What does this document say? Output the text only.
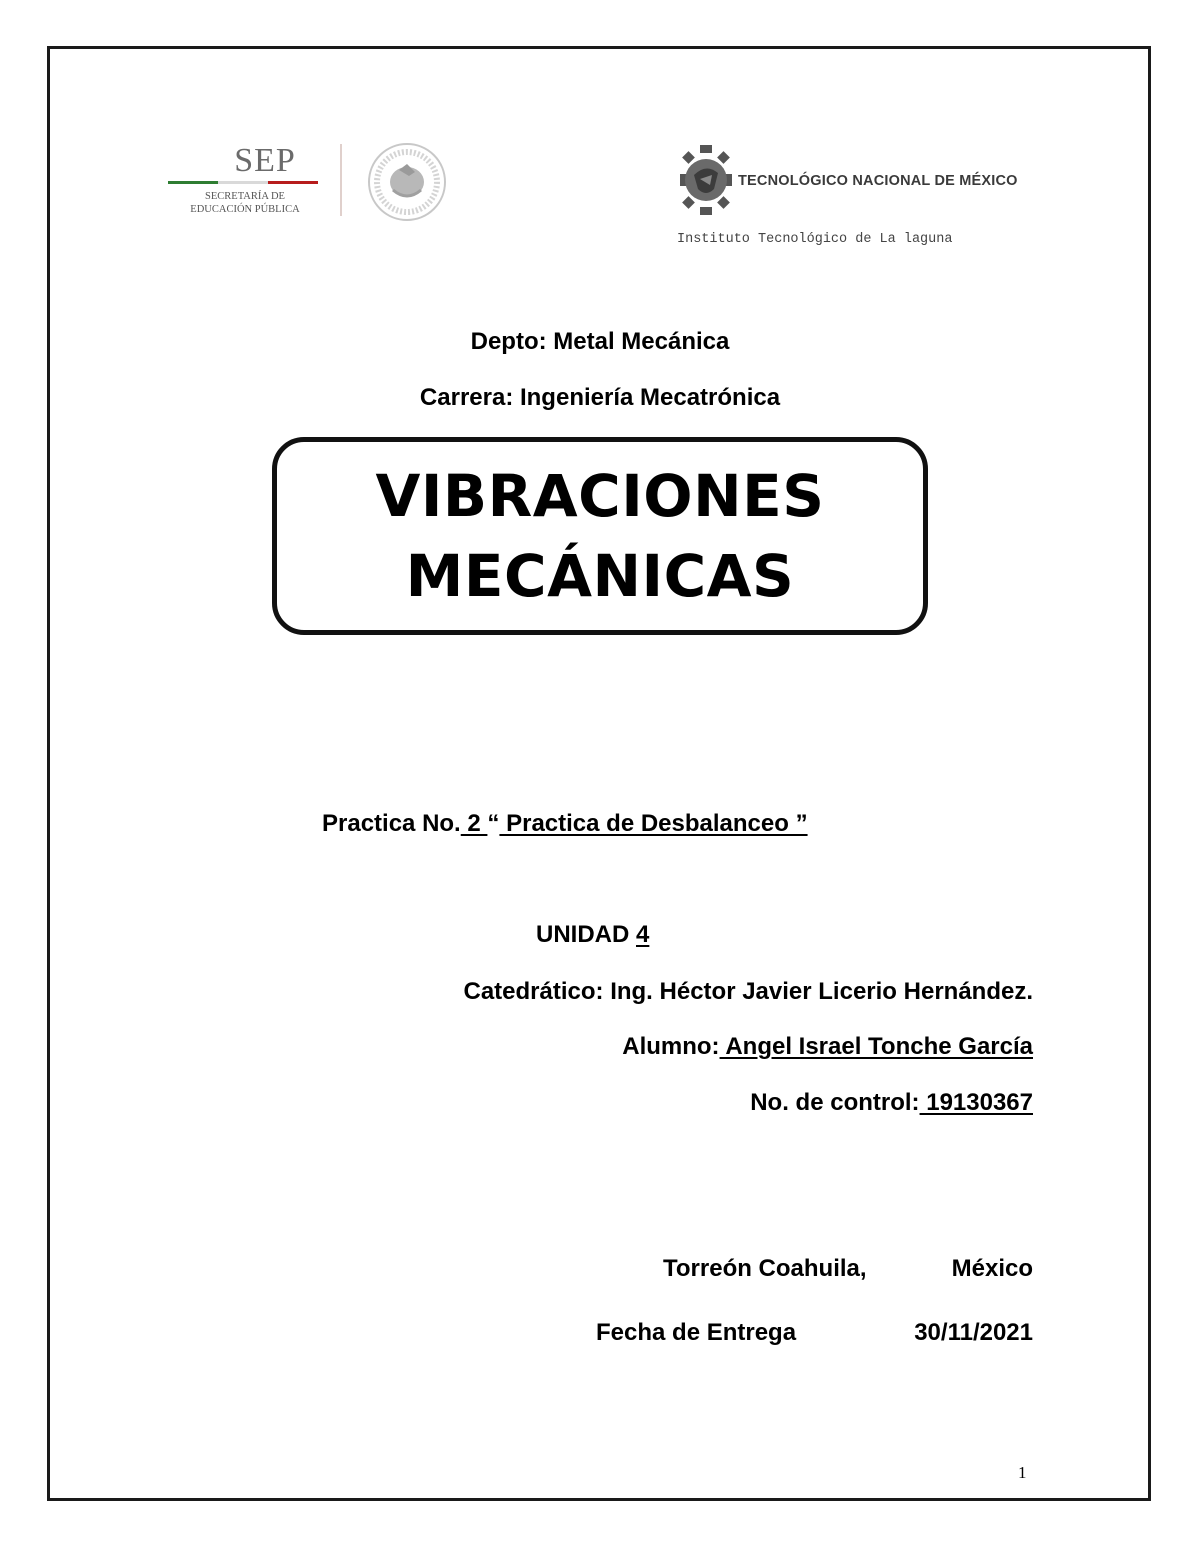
SEP
SECRETARÍA DE
EDUCACIÓN PÚBLICA
TECNOLÓGICO NACIONAL DE MÉXICO
Instituto Tecnológico de La laguna
Depto: Metal Mecánica
Carrera: Ingeniería Mecatrónica
VIBRACIONES
MECÁNICAS
Practica No. 2 “ Practica de Desbalanceo ”
UNIDAD 4
Catedrático: Ing. Héctor Javier Licerio Hernández.
Alumno: Angel Israel Tonche García
No. de control: 19130367
Torreón Coahuila,	México
Fecha de Entrega	30/11/2021
1
